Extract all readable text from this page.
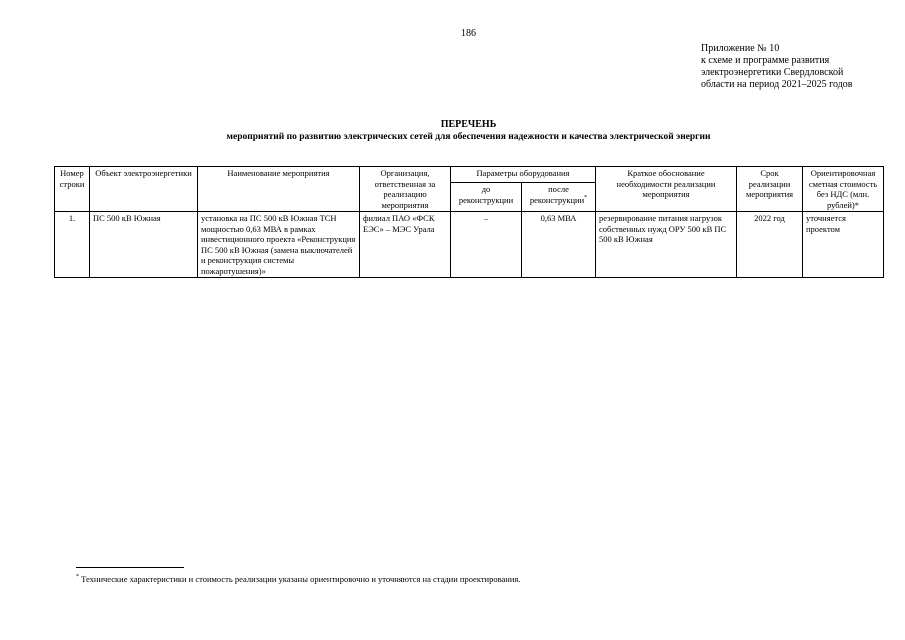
186
Приложение № 10
к схеме и программе развития
электроэнергетики Свердловской
области на период 2021–2025 годов
ПЕРЕЧЕНЬ
мероприятий по развитию электрических сетей для обеспечения надежности и качества электрической энергии
Номер строки	Объект электроэнергетики	Наименование мероприятия	Организация, ответственная за реализацию мероприятия	Параметры оборудования		Краткое обоснование необходимости реализации мероприятия	Срок реализации мероприятия	Ориентировочная сметная стоимость без НДС (млн. рублей)*
				до реконструкции	после реконструкции*
1.	ПС 500 кВ Южная	установка на ПС 500 кВ Южная ТСН мощностью 0,63 МВА в рамках инвестиционного проекта «Реконструкция ПС 500 кВ Южная (замена выключателей и реконструкция системы пожаротушения)»	филиал ПАО «ФСК ЕЭС» – МЭС Урала	–	0,63 МВА	резервирование питания нагрузок собственных нужд ОРУ 500 кВ ПС 500 кВ Южная	2022 год	уточняется проектом
* Технические характеристики и стоимость реализации указаны ориентировочно и уточняются на стадии проектирования.
